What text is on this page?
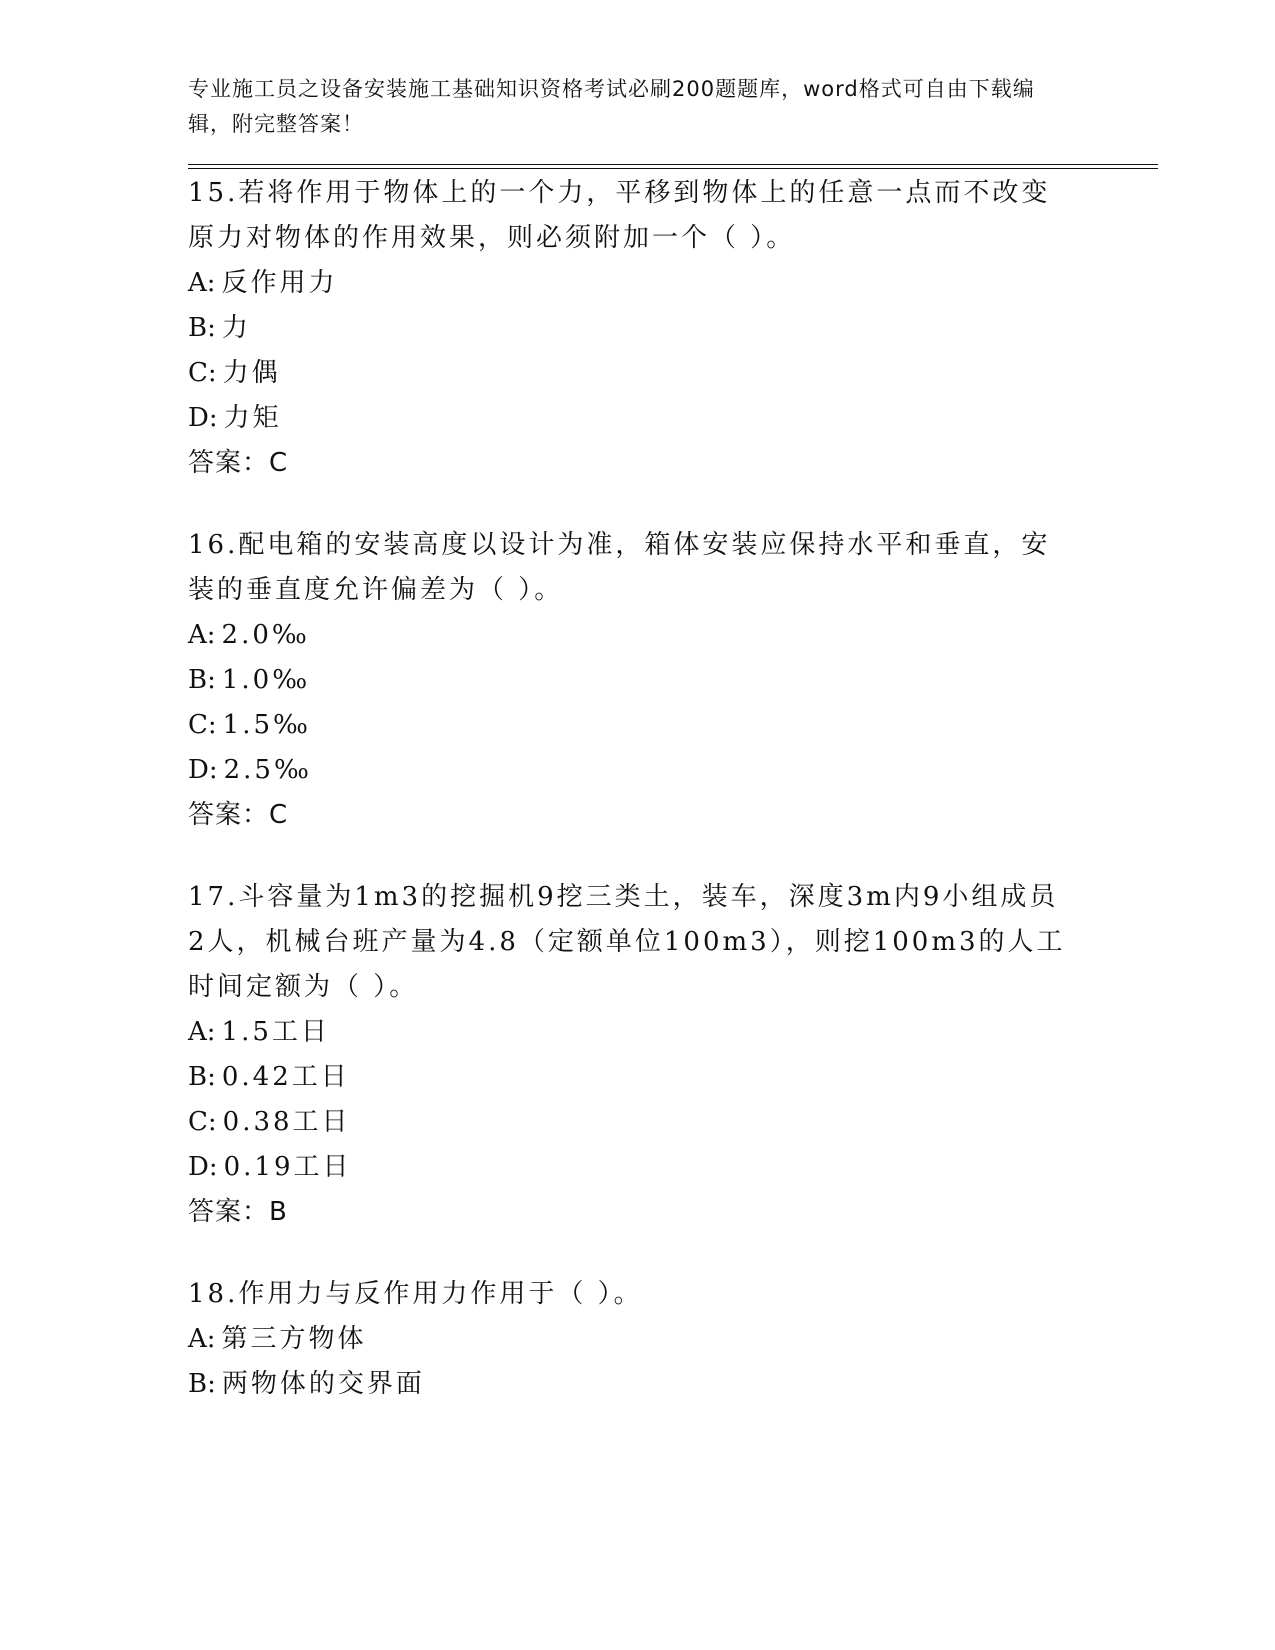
专业施工员之设备安装施工基础知识资格考试必刷200题题库，word格式可自由下载编辑，附完整答案！

15.若将作用于物体上的一个力，平移到物体上的任意一点而不改变原力对物体的作用效果，则必须附加一个（ ）。

A: 反作用力
B: 力
C: 力偶
D: 力矩
答案：C

16.配电箱的安装高度以设计为准，箱体安装应保持水平和垂直，安装的垂直度允许偏差为（ ）。

A: 2.0‰
B: 1.0‰
C: 1.5‰
D: 2.5‰
答案：C

17.斗容量为1m3的挖掘机9挖三类土，装车，深度3m内9小组成员2人，机械台班产量为4.8（定额单位100m3），则挖100m3的人工时间定额为（ ）。

A: 1.5工日
B: 0.42工日
C: 0.38工日
D: 0.19工日
答案：B

18.作用力与反作用力作用于（ ）。

A: 第三方物体
B: 两物体的交界面
